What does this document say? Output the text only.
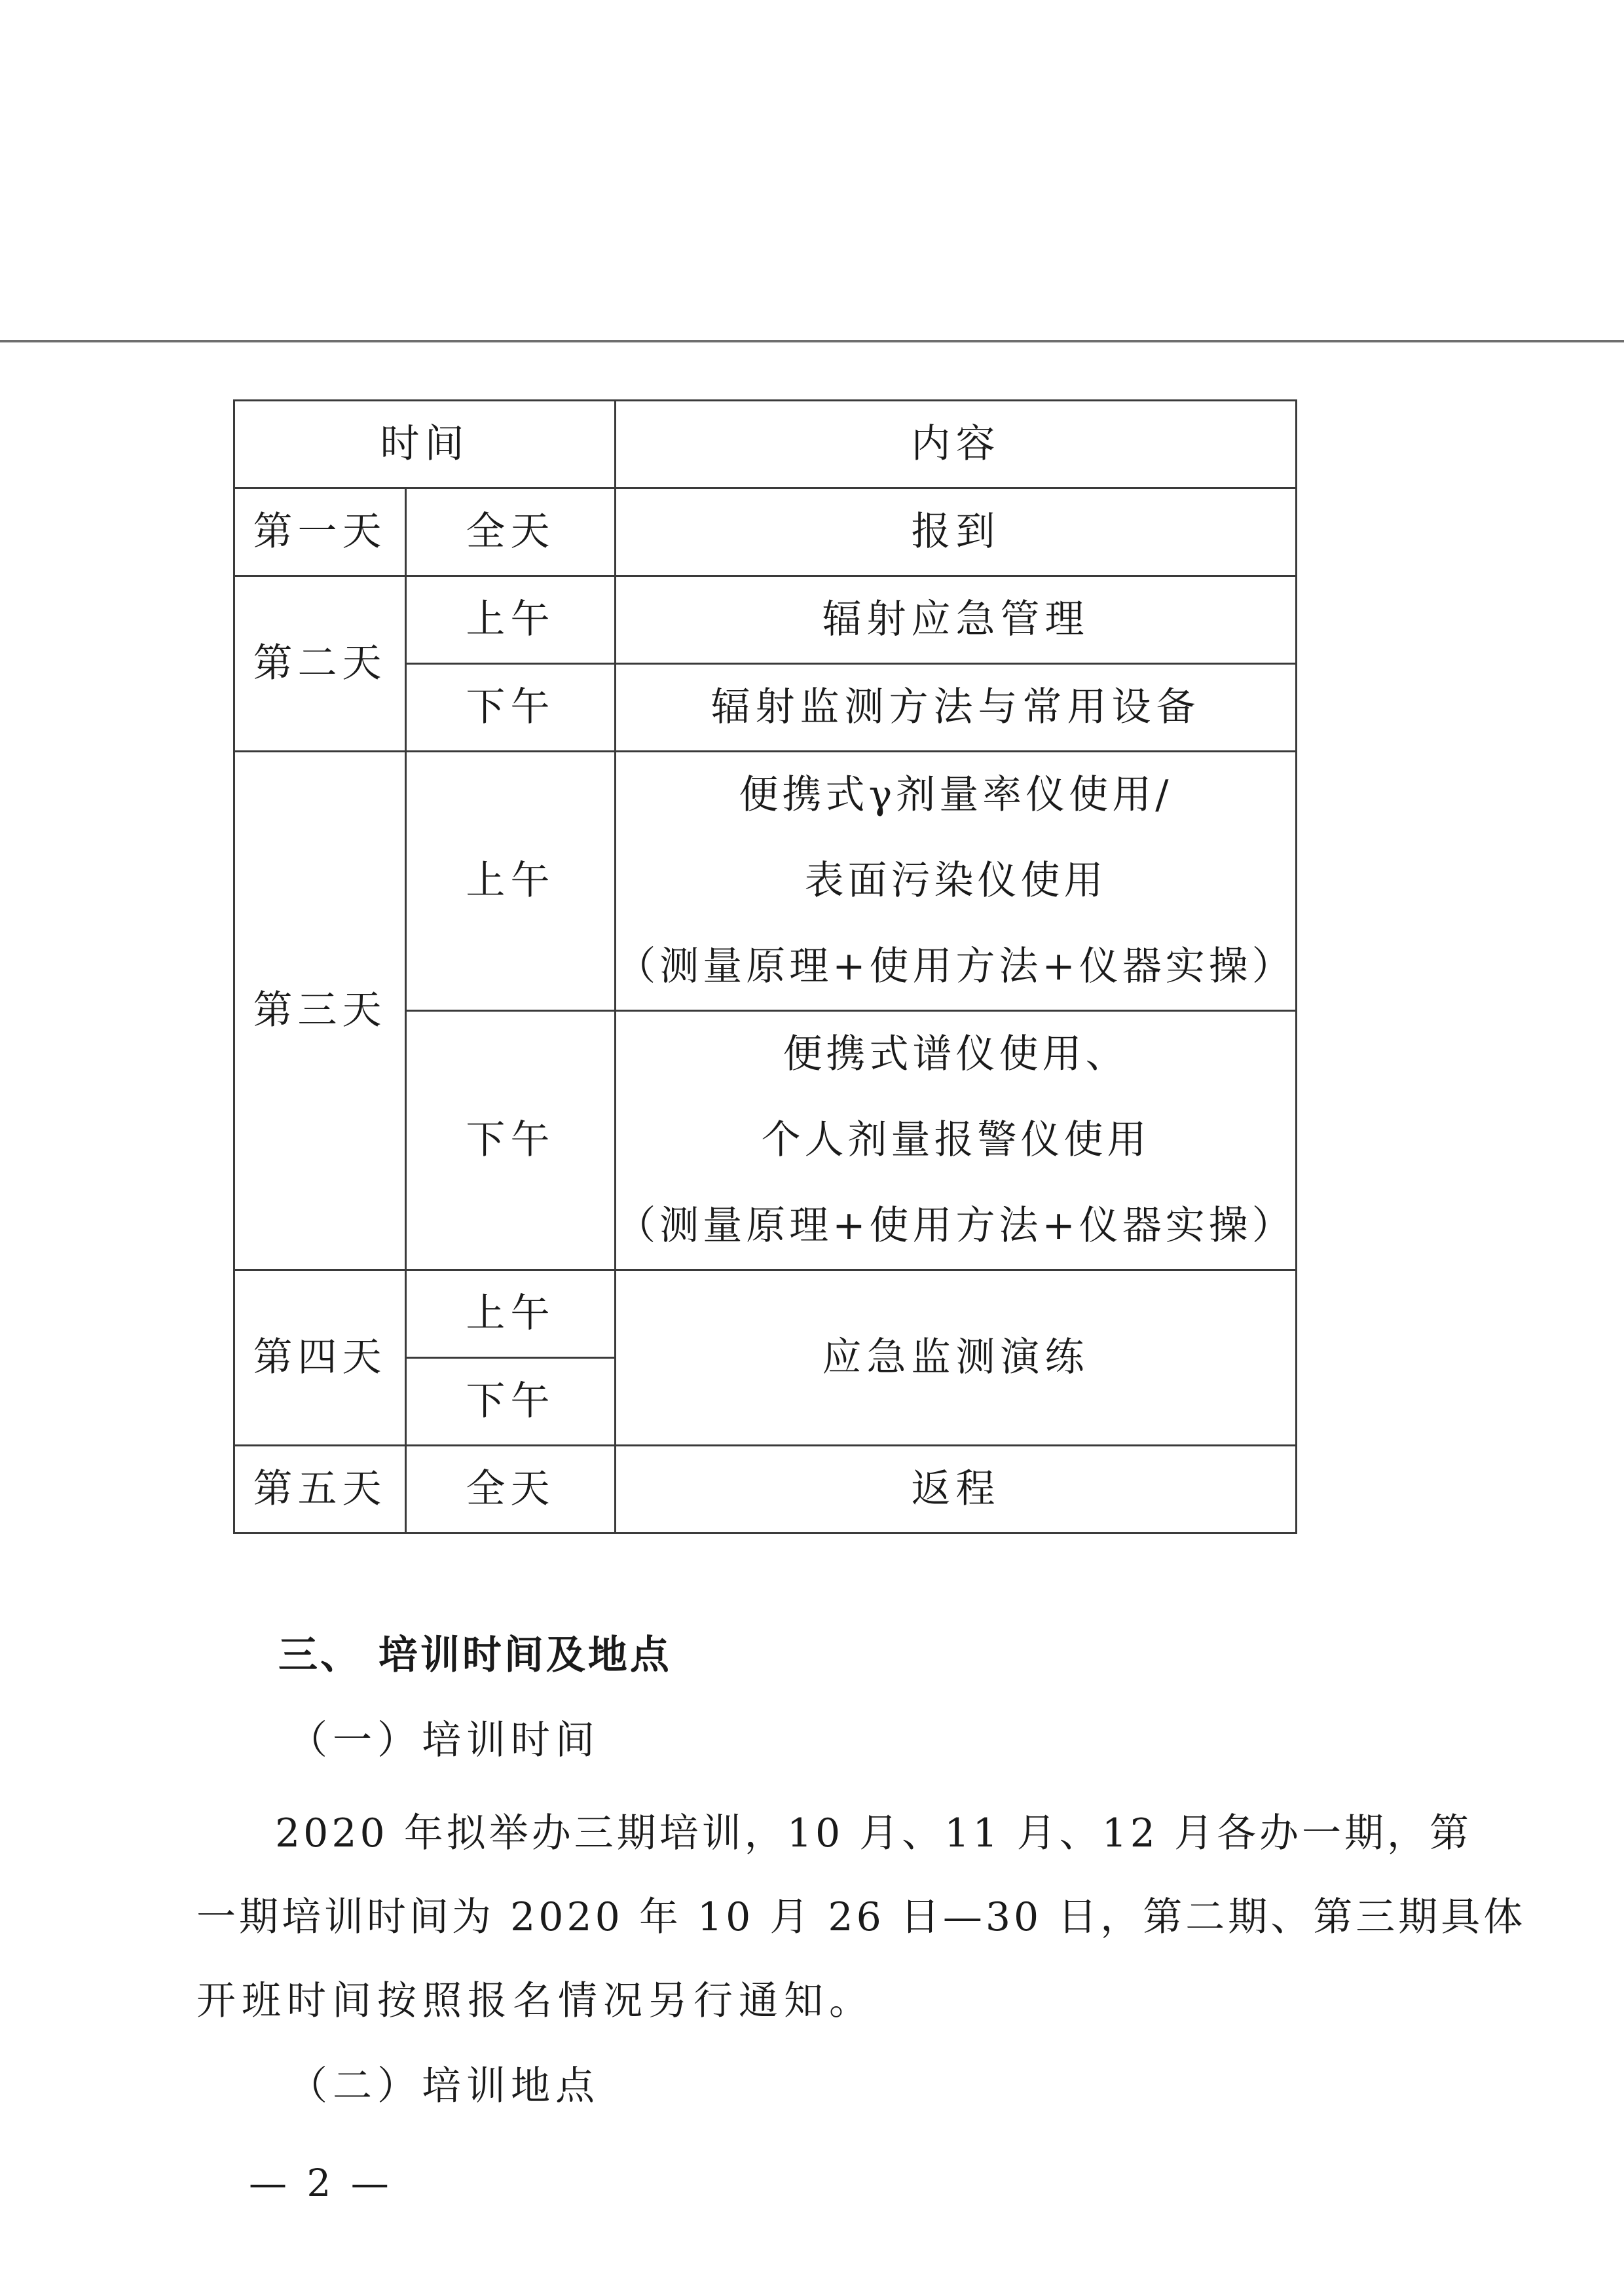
时间		内容
第一天	全天	报到
第二天	上午	辐射应急管理
	下午	辐射监测方法与常用设备
第三天	上午	便携式γ剂量率仪使用/
表面污染仪使用
（测量原理+使用方法+仪器实操）

	下午	便携式谱仪使用、
个人剂量报警仪使用
（测量原理+使用方法+仪器实操）

第四天	上午	应急监测演练
	下午	
第五天	全天	返程
三、 培训时间及地点
（一）培训时间
2020 年拟举办三期培训，10 月、11 月、12 月各办一期，第
一期培训时间为 2020 年 10 月 26 日—30 日，第二期、第三期具体
开班时间按照报名情况另行通知。
（二）培训地点
— 2 —
